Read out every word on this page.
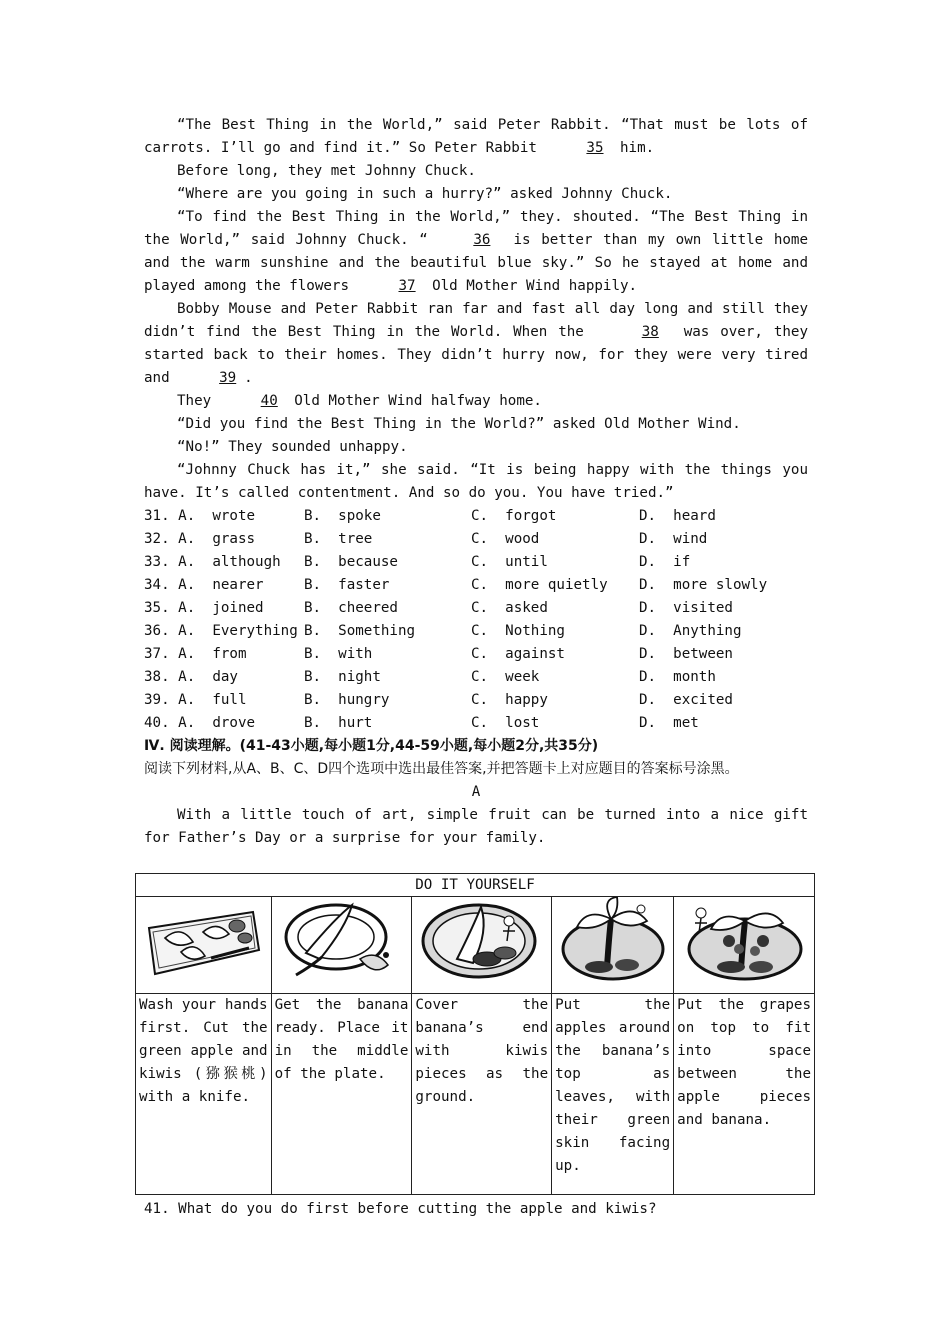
“The Best Thing in the World,” said Peter Rabbit. “That must be lots of carrots. I’ll go and find it.” So Peter Rabbit	35 him.

Before long, they met Johnny Chuck.

“Where are you going in such a hurry?” asked Johnny Chuck.

“To find the Best Thing in the World,” they. shouted. “The Best Thing in the World,” said Johnny Chuck. “	36 is better than my own little home and the warm sunshine and the beautiful blue sky.” So he stayed at home and played among the flowers	37 Old Mother Wind happily.

Bobby Mouse and Peter Rabbit ran far and fast all day long and still they didn’t find the Best Thing in the World. When the	38 was over, they started back to their homes. They didn’t hurry now, for they were very tired and	39 .

They	40 Old Mother Wind halfway home.

“Did you find the Best Thing in the World?” asked Old Mother Wind.

“No!” They sounded unhappy.

“Johnny Chuck has it,” she said. “It is being happy with the things you have. It’s called contentment. And so do you. You have tried.”

31. A.  wrote	B.  spoke	C.  forgot	D.  heard
32. A.  grass	B.  tree	C.  wood	D.  wind
33. A.  although	B.  because	C.  until	D.  if
34. A.  nearer	B.  faster	C.  more quietly	D.  more slowly
35. A.  joined	B.  cheered	C.  asked	D.  visited
36. A.  Everything B.  Something	C.  Nothing	D.  Anything
37. A.  from	B.  with	C.  against	D.  between
38. A.  day	B.  night	C.  week	D.  month
39. A.  full	B.  hungry	C.  happy	D.  excited
40. A.  drove	B.  hurt	C.  lost	D.  met

Ⅳ. 阅读理解。(41-43小题,每小题1分,44-59小题,每小题2分,共35分)

阅读下列材料,从A、B、C、D四个选项中选出最佳答案,并把答题卡上对应题目的答案标号涂黑。

A

With a little touch of art, simple fruit can be turned into a nice gift for Father’s Day or a surprise for your family.

DO IT YOURSELF				

Wash your hands first. Cut the green apple and kiwis (猕猴桃) with a knife.	Get the banana ready. Place it in the middle of the plate.	Cover the banana’s end with kiwis pieces as the ground.	Put the apples around the banana’s top as leaves, with their green skin facing up.	Put the grapes on top to fit into space between the apple pieces and banana.

41. What do you do first before cutting the apple and kiwis?
